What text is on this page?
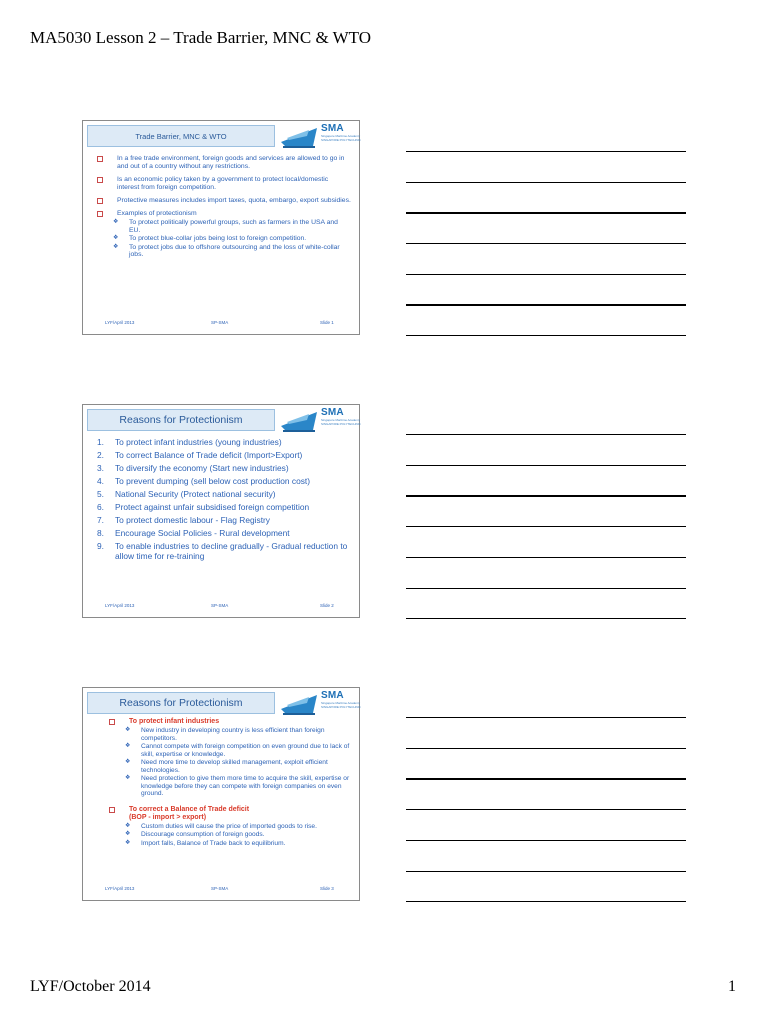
MA5030 Lesson 2 – Trade Barrier, MNC & WTO
Trade Barrier, MNC & WTO
SMA
Singapore Maritime Academy
SINGAPORE POLYTECHNIC
In a free trade environment, foreign goods and services are allowed to go in and out of a country without any restrictions.
Is an economic policy taken by a government to protect local/domestic interest from foreign competition.
Protective measures includes import taxes, quota, embargo, export subsidies.
Examples of protectionism
❖ To protect politically powerful groups, such as farmers in the USA and EU.
❖ To protect blue-collar jobs being lost to foreign competition.
❖ To protect jobs due to offshore outsourcing and the loss of white-collar jobs.
LYF/April 2013	SP-SMA	Slide 1
Reasons for Protectionism
SMA
Singapore Maritime Academy
SINGAPORE POLYTECHNIC
1. To protect infant industries (young industries)
2. To correct Balance of Trade deficit (Import>Export)
3. To diversify the economy (Start new industries)
4. To prevent dumping (sell below cost production cost)
5. National Security (Protect national security)
6. Protect against unfair subsidised foreign competition
7. To protect domestic labour - Flag Registry
8. Encourage Social Policies - Rural development
9. To enable industries to decline gradually - Gradual reduction to allow time for re-training
LYF/April 2013	SP-SMA	Slide 2
Reasons for Protectionism
SMA
Singapore Maritime Academy
SINGAPORE POLYTECHNIC
To protect infant industries
❖ New industry in developing country is less efficient than foreign competitors.
❖ Cannot compete with foreign competition on even ground due to lack of skill, expertise or knowledge.
❖ Need more time to develop skilled management, exploit efficient technologies.
❖ Need protection to give them more time to acquire the skill, expertise or knowledge before they can compete with foreign companies on even ground.
To correct a Balance of Trade deficit
(BOP - import > export)
❖ Custom duties will cause the price of imported goods to rise.
❖ Discourage consumption of foreign goods.
❖ Import falls, Balance of Trade back to equilibrium.
LYF/April 2013	SP-SMA	Slide 3
LYF/October 2014	1
